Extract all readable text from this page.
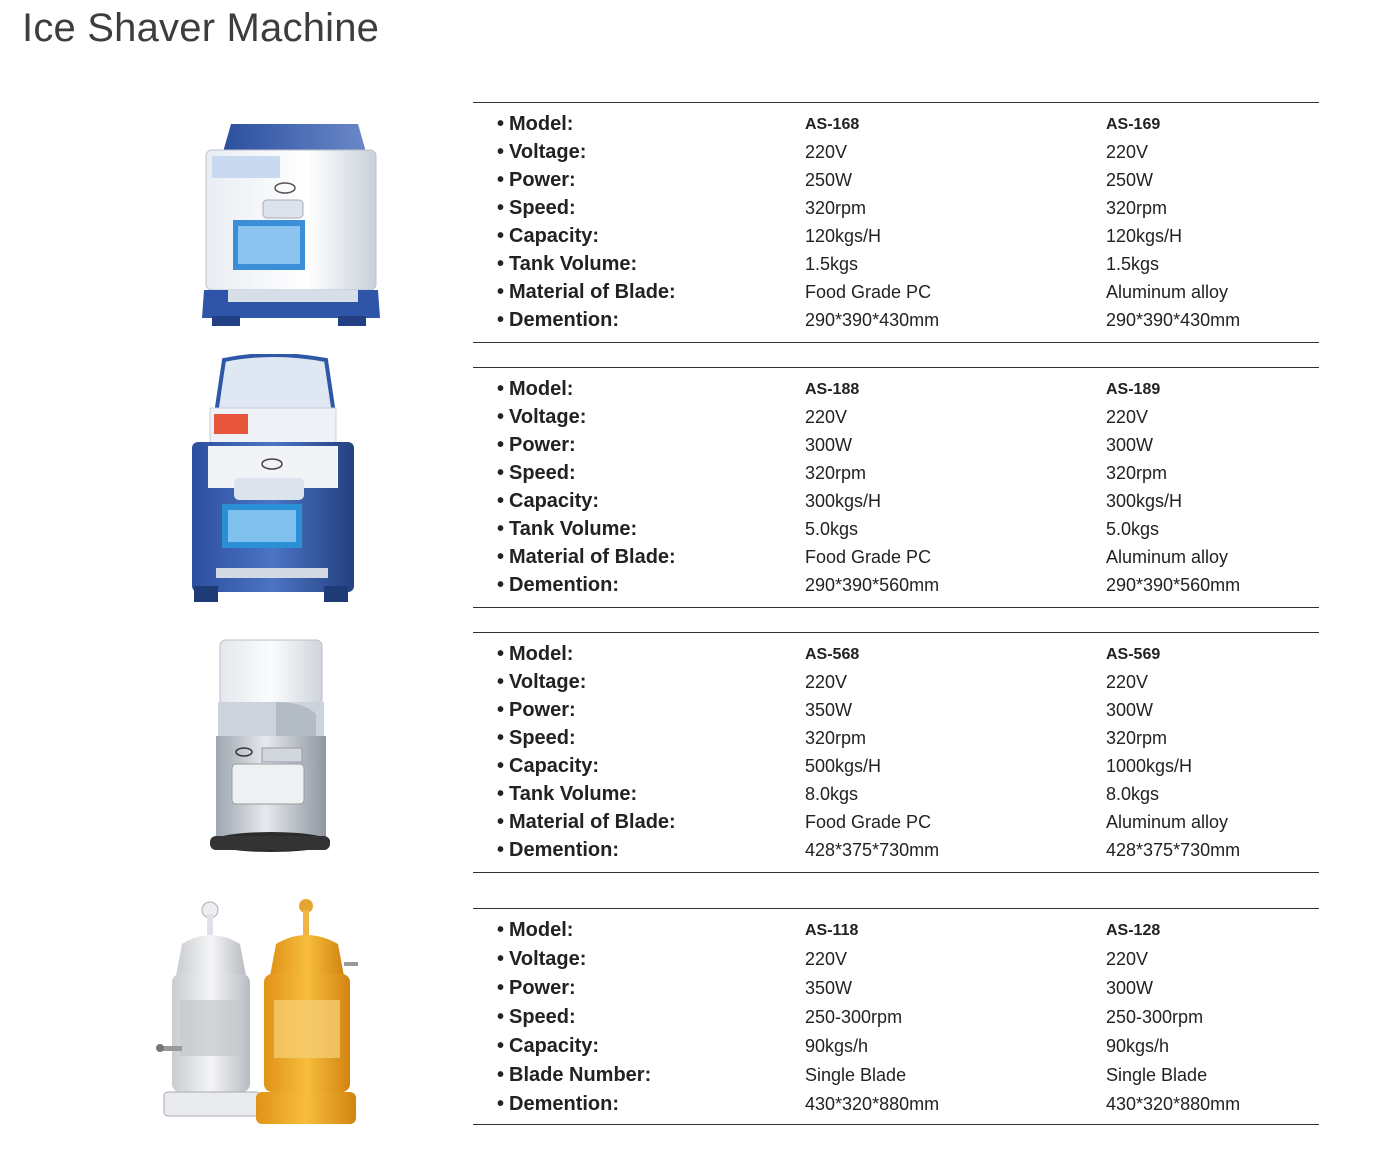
Ice Shaver Machine
• Model:	AS-168	AS-169
• Voltage:	220V	220V
• Power:	250W	250W
• Speed:	320rpm	320rpm
• Capacity:	120kgs/H	120kgs/H
• Tank Volume:	1.5kgs	1.5kgs
• Material of Blade:	Food Grade PC	Aluminum alloy
• Demention:	290*390*430mm	290*390*430mm
• Model:	AS-188	AS-189
• Voltage:	220V	220V
• Power:	300W	300W
• Speed:	320rpm	320rpm
• Capacity:	300kgs/H	300kgs/H
• Tank Volume:	5.0kgs	5.0kgs
• Material of Blade:	Food Grade PC	Aluminum alloy
• Demention:	290*390*560mm	290*390*560mm
• Model:	AS-568	AS-569
• Voltage:	220V	220V
• Power:	350W	300W
• Speed:	320rpm	320rpm
• Capacity:	500kgs/H	1000kgs/H
• Tank Volume:	8.0kgs	8.0kgs
• Material of Blade:	Food Grade PC	Aluminum alloy
• Demention:	428*375*730mm	428*375*730mm
• Model:	AS-118	AS-128
• Voltage:	220V	220V
• Power:	350W	300W
• Speed:	250-300rpm	250-300rpm
• Capacity:	90kgs/h	90kgs/h
• Blade Number:	Single Blade	Single Blade
• Demention:	430*320*880mm	430*320*880mm
